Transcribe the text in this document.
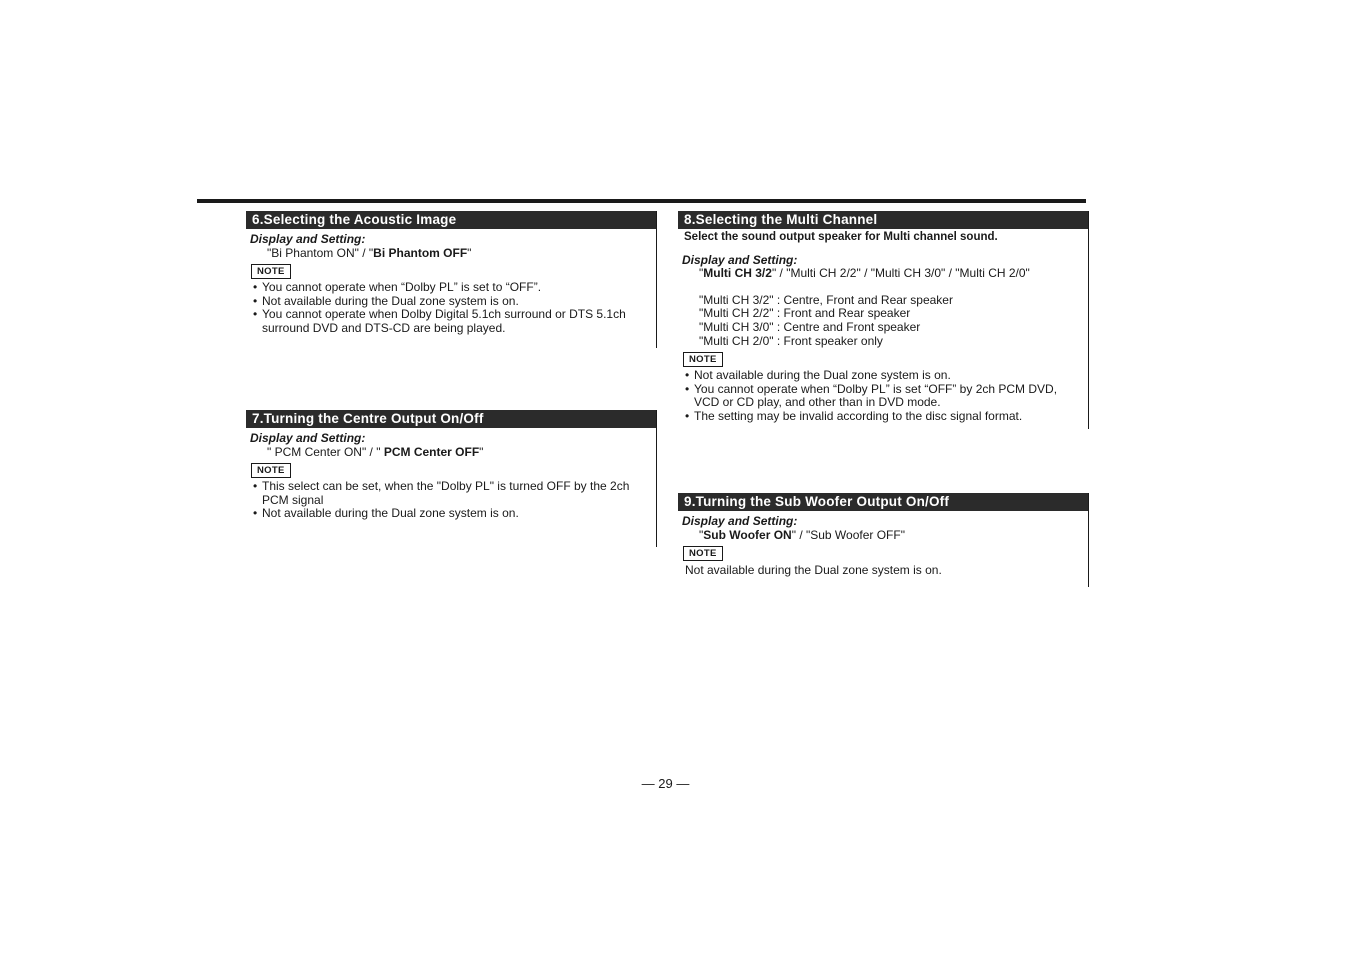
6.Selecting the Acoustic Image
Display and Setting:
"Bi Phantom ON" / "Bi Phantom OFF"
NOTE
• You cannot operate when “Dolby PL” is set to “OFF”.
• Not available during the Dual zone system is on.
• You cannot operate when Dolby Digital 5.1ch surround or DTS 5.1ch surround DVD and DTS-CD are being played.
7.Turning the Centre Output On/Off
Display and Setting:
" PCM Center ON" / " PCM Center OFF"
NOTE
• This select can be set, when the "Dolby PL" is turned OFF by the 2ch PCM signal
• Not available during the Dual zone system is on.
8.Selecting the Multi Channel
Select the sound output speaker for Multi channel sound.
Display and Setting:
"Multi CH 3/2" / "Multi CH 2/2" / "Multi CH 3/0" / "Multi CH 2/0"
"Multi CH 3/2" : Centre, Front and Rear speaker
"Multi CH 2/2" : Front and Rear speaker
"Multi CH 3/0" : Centre and Front speaker
"Multi CH 2/0" : Front speaker only
NOTE
• Not available during the Dual zone system is on.
• You cannot operate when “Dolby PL” is set “OFF” by 2ch PCM DVD, VCD or CD play, and other than in DVD mode.
• The setting may be invalid according to the disc signal format.
9.Turning the Sub Woofer Output On/Off
Display and Setting:
"Sub Woofer ON" / "Sub Woofer OFF"
NOTE
Not available during the Dual zone system is on.
— 29 —
